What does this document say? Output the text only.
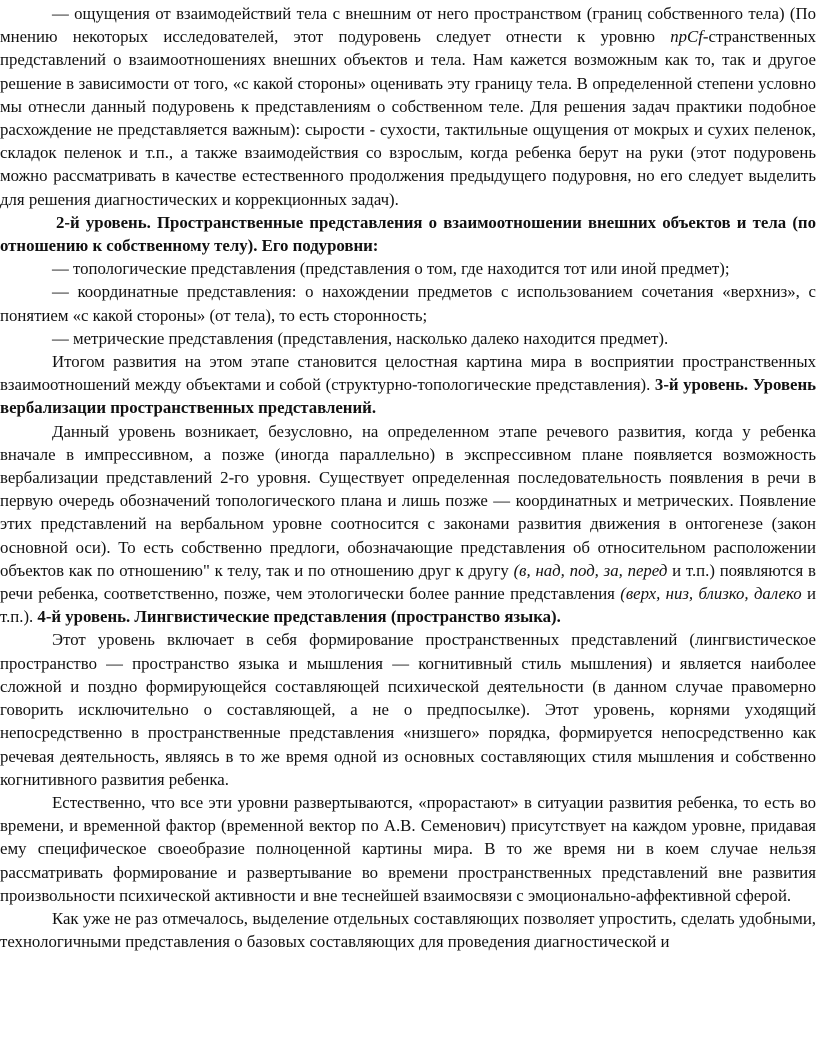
— ощущения от взаимодействий тела с внешним от него пространством (границ собственного тела) (По мнению некоторых исследователей, этот подуровень следует отнести к уровню прСf-странственных представлений о взаимоотношениях внешних объектов и тела. Нам кажется возможным как то, так и другое решение в зависимости от того, «с какой стороны» оценивать эту границу тела. В определенной степени условно мы отнесли данный подуровень к представлениям о собственном теле. Для решения задач практики подобное расхождение не представляется важным): сырости - сухости, тактильные ощущения от мокрых и сухих пеленок, складок пеленок и т.п., а также взаимодействия со взрослым, когда ребенка берут на руки (этот подуровень можно рассматривать в качестве естественного продолжения предыдущего подуровня, но его следует выделить для решения диагностических и коррекционных задач).

2-й уровень. Пространственные представления о взаимоотношении внешних объектов и тела (по отношению к собственному телу). Его подуровни:

— топологические представления (представления о том, где находится тот или иной предмет);

— координатные представления: о нахождении предметов с использованием сочетания «верхниз», с понятием «с какой стороны» (от тела), то есть сторонность;

— метрические представления (представления, насколько далеко находится предмет).

Итогом развития на этом этапе становится целостная картина мира в восприятии пространственных взаимоотношений между объектами и собой (структурно-топологические представления). 3-й уровень. Уровень вербализации пространственных представлений.

Данный уровень возникает, безусловно, на определенном этапе речевого развития, когда у ребенка вначале в импрессивном, а позже (иногда параллельно) в экспрессивном плане появляется возможность вербализации представлений 2-го уровня. Существует определенная последовательность появления в речи в первую очередь обозначений топологического плана и лишь позже — координатных и метрических. Появление этих представлений на вербальном уровне соотносится с законами развития движения в онтогенезе (закон основной оси). То есть собственно предлоги, обозначающие представления об относительном расположении объектов как по отношению" к телу, так и по отношению друг к другу (в, над, под, за, перед и т.п.) появляются в речи ребенка, соответственно, позже, чем этологически более ранние представления (верх, низ, близко, далеко и т.п.). 4-й уровень. Лингвистические представления (пространство языка).

Этот уровень включает в себя формирование пространственных представлений (лингвистическое пространство — пространство языка и мышления — когнитивный стиль мышления) и является наиболее сложной и поздно формирующейся составляющей психической деятельности (в данном случае правомерно говорить исключительно о составляющей, а не о предпосылке). Этот уровень, корнями уходящий непосредственно в пространственные представления «низшего» порядка, формируется непосредственно как речевая деятельность, являясь в то же время одной из основных составляющих стиля мышления и собственно когнитивного развития ребенка.

Естественно, что все эти уровни развертываются, «прорастают» в ситуации развития ребенка, то есть во времени, и временной фактор (временной вектор по А.В. Семенович) присутствует на каждом уровне, придавая ему специфическое своеобразие полноценной картины мира. В то же время ни в коем случае нельзя рассматривать формирование и развертывание во времени пространственных представлений вне развития произвольности психической активности и вне теснейшей взаимосвязи с эмоционально-аффективной сферой.

Как уже не раз отмечалось, выделение отдельных составляющих позволяет упростить, сделать удобными, технологичными представления о базовых составляющих для проведения диагностической и
